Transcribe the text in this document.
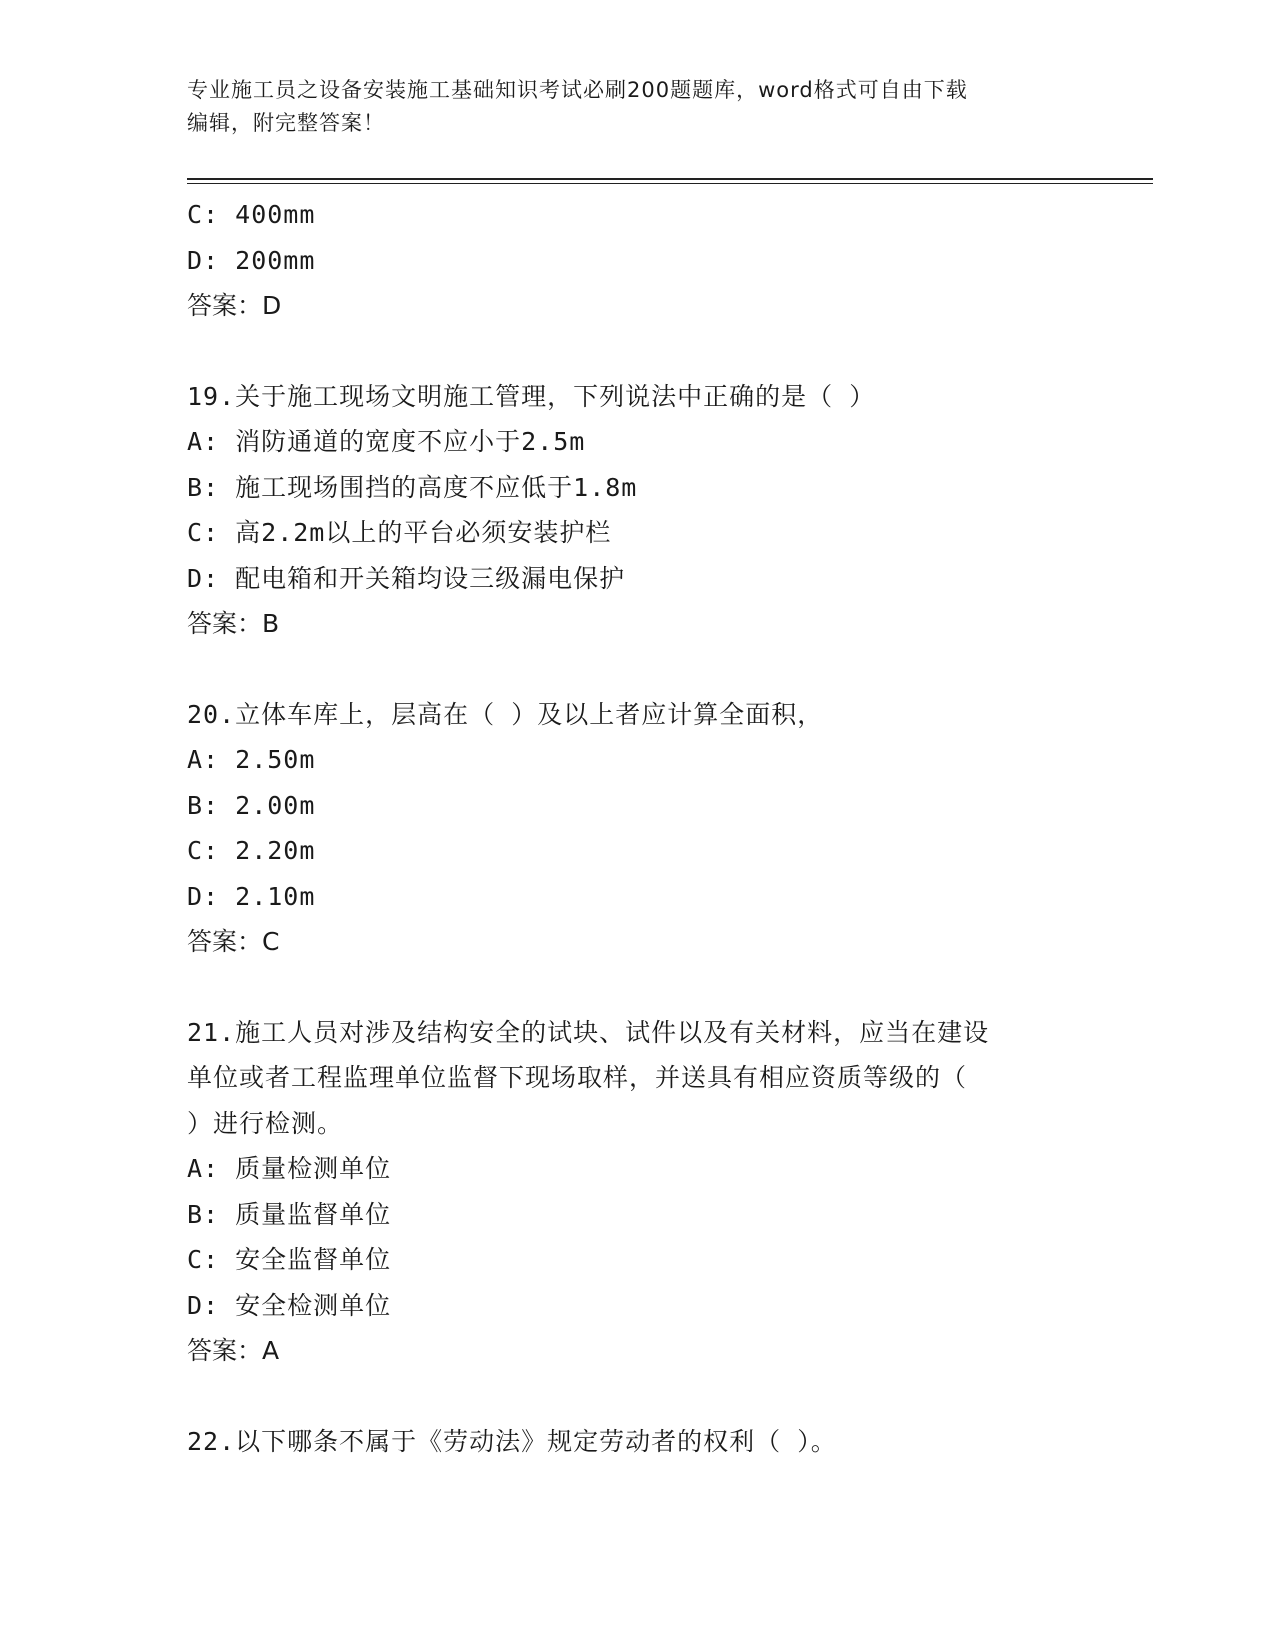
专业施工员之设备安装施工基础知识考试必刷200题题库，word格式可自由下载
编辑，附完整答案！
C: 400mm
D: 200mm
答案：D
19.关于施工现场文明施工管理，下列说法中正确的是（ ）
A: 消防通道的宽度不应小于2.5m
B: 施工现场围挡的高度不应低于1.8m
C: 高2.2m以上的平台必须安装护栏
D: 配电箱和开关箱均设三级漏电保护
答案：B
20.立体车库上，层高在（ ）及以上者应计算全面积，
A: 2.50m
B: 2.00m
C: 2.20m
D: 2.10m
答案：C
21.施工人员对涉及结构安全的试块、试件以及有关材料，应当在建设
单位或者工程监理单位监督下现场取样，并送具有相应资质等级的（
）进行检测。
A: 质量检测单位
B: 质量监督单位
C: 安全监督单位
D: 安全检测单位
答案：A
22.以下哪条不属于《劳动法》规定劳动者的权利（ ）。
